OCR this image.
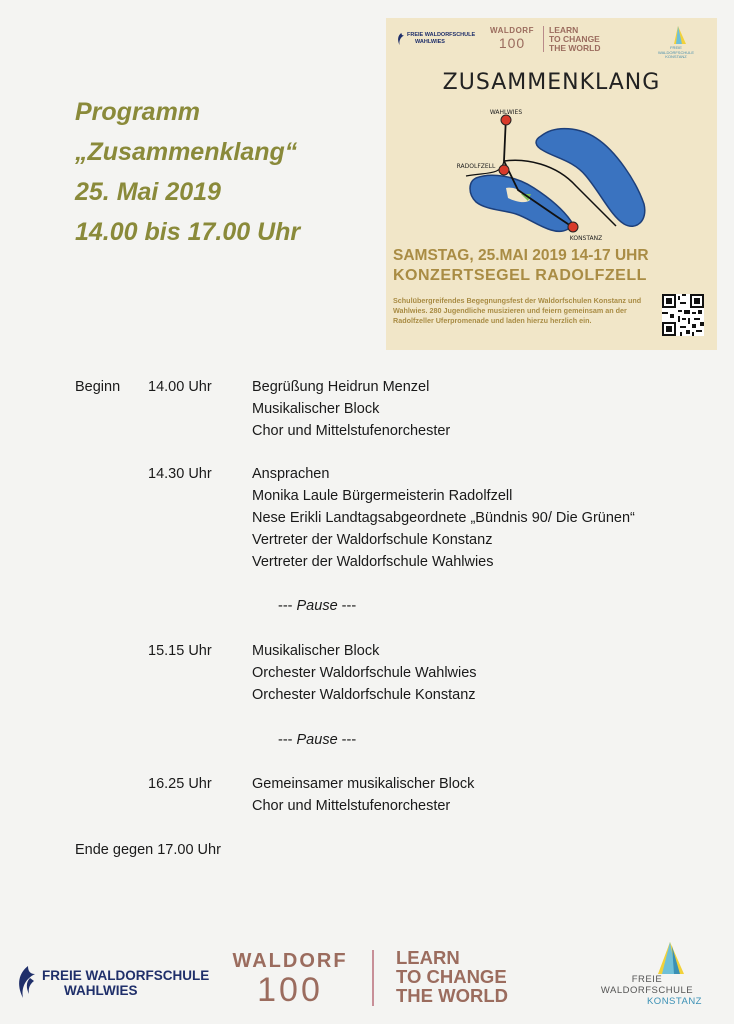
Programm
„Zusammenklang“
25. Mai 2019
14.00 bis 17.00 Uhr
FREIE WALDORFSCHULE
WAHLWIES
WALDORF
100
LEARN
TO CHANGE
THE WORLD	FREIE
WALDORFSCHULE
KONSTANZ
ZUSAMMENKLANG
WAHLWIES
RADOLFZELL
KONSTANZ
SAMSTAG, 25.MAI 2019 14-17 UHR
KONZERTSEGEL RADOLFZELL
Schulübergreifendes Begegnungsfest der Waldorfschulen Konstanz und Wahlwies. 280 Jugendliche musizieren und feiern gemeinsam an der Radolfzeller Uferpromenade und laden hierzu herzlich ein.
Beginn	14.00 Uhr	Begrüßung Heidrun Menzel
Musikalischer Block
Chor und Mittelstufenorchester
14.30 Uhr	Ansprachen
Monika Laule Bürgermeisterin Radolfzell
Nese Erikli Landtagsabgeordnete „Bündnis 90/ Die Grünen“
Vertreter der Waldorfschule Konstanz
Vertreter der Waldorfschule Wahlwies
--- Pause ---
15.15 Uhr	Musikalischer Block
Orchester Waldorfschule Wahlwies
Orchester Waldorfschule Konstanz
--- Pause ---
16.25 Uhr	Gemeinsamer musikalischer Block
Chor und Mittelstufenorchester
Ende gegen 17.00 Uhr
FREIE WALDORFSCHULE
WAHLWIES
WALDORF
100
LEARN
TO CHANGE
THE WORLD
FREIE
WALDORFSCHULE
KONSTANZ
